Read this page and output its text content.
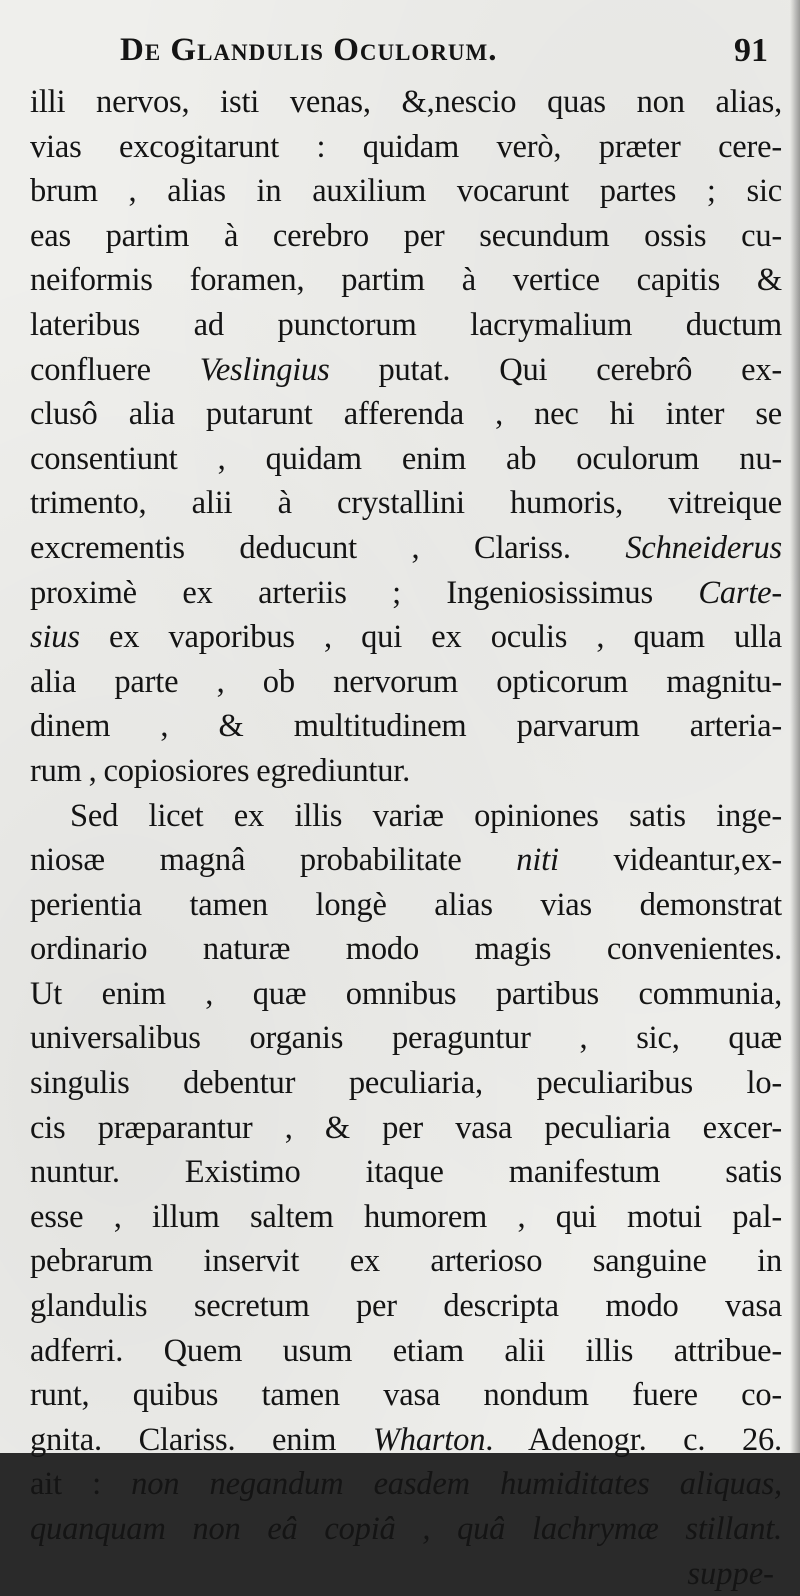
De Glandulis Oculorum.	91
illi nervos, isti venas, &,nescio quas non alias,
vias excogitarunt : quidam verò, præter cere-
brum , alias in auxilium vocarunt partes ; sic
eas partim à cerebro per secundum ossis cu-
neiformis foramen, partim à vertice capitis &
lateribus ad punctorum lacrymalium ductum
confluere Veslingius putat. Qui cerebrô ex-
clusô alia putarunt afferenda , nec hi inter se
consentiunt , quidam enim ab oculorum nu-
trimento, alii à crystallini humoris, vitreique
excrementis deducunt , Clariss. Schneiderus
proximè ex arteriis ; Ingeniosissimus Carte-
sius ex vaporibus , qui ex oculis , quam ulla
alia parte , ob nervorum opticorum magnitu-
dinem , & multitudinem parvarum arteria-
rum , copiosiores egrediuntur.
Sed licet ex illis variæ opiniones satis inge-
niosæ magnâ probabilitate niti videantur,ex-
perientia tamen longè alias vias demonstrat
ordinario naturæ modo magis convenientes.
Ut enim , quæ omnibus partibus communia,
universalibus organis peraguntur , sic, quæ
singulis debentur peculiaria, peculiaribus lo-
cis præparantur , & per vasa peculiaria excer-
nuntur. Existimo itaque manifestum satis
esse , illum saltem humorem , qui motui pal-
pebrarum inservit ex arterioso sanguine in
glandulis secretum per descripta modo vasa
adferri. Quem usum etiam alii illis attribue-
runt, quibus tamen vasa nondum fuere co-
gnita. Clariss. enim Wharton. Adenogr. c. 26.
ait : non negandum easdem humiditates aliquas,
quanquam non eâ copiâ , quâ lachrymæ stillant.
suppe-
